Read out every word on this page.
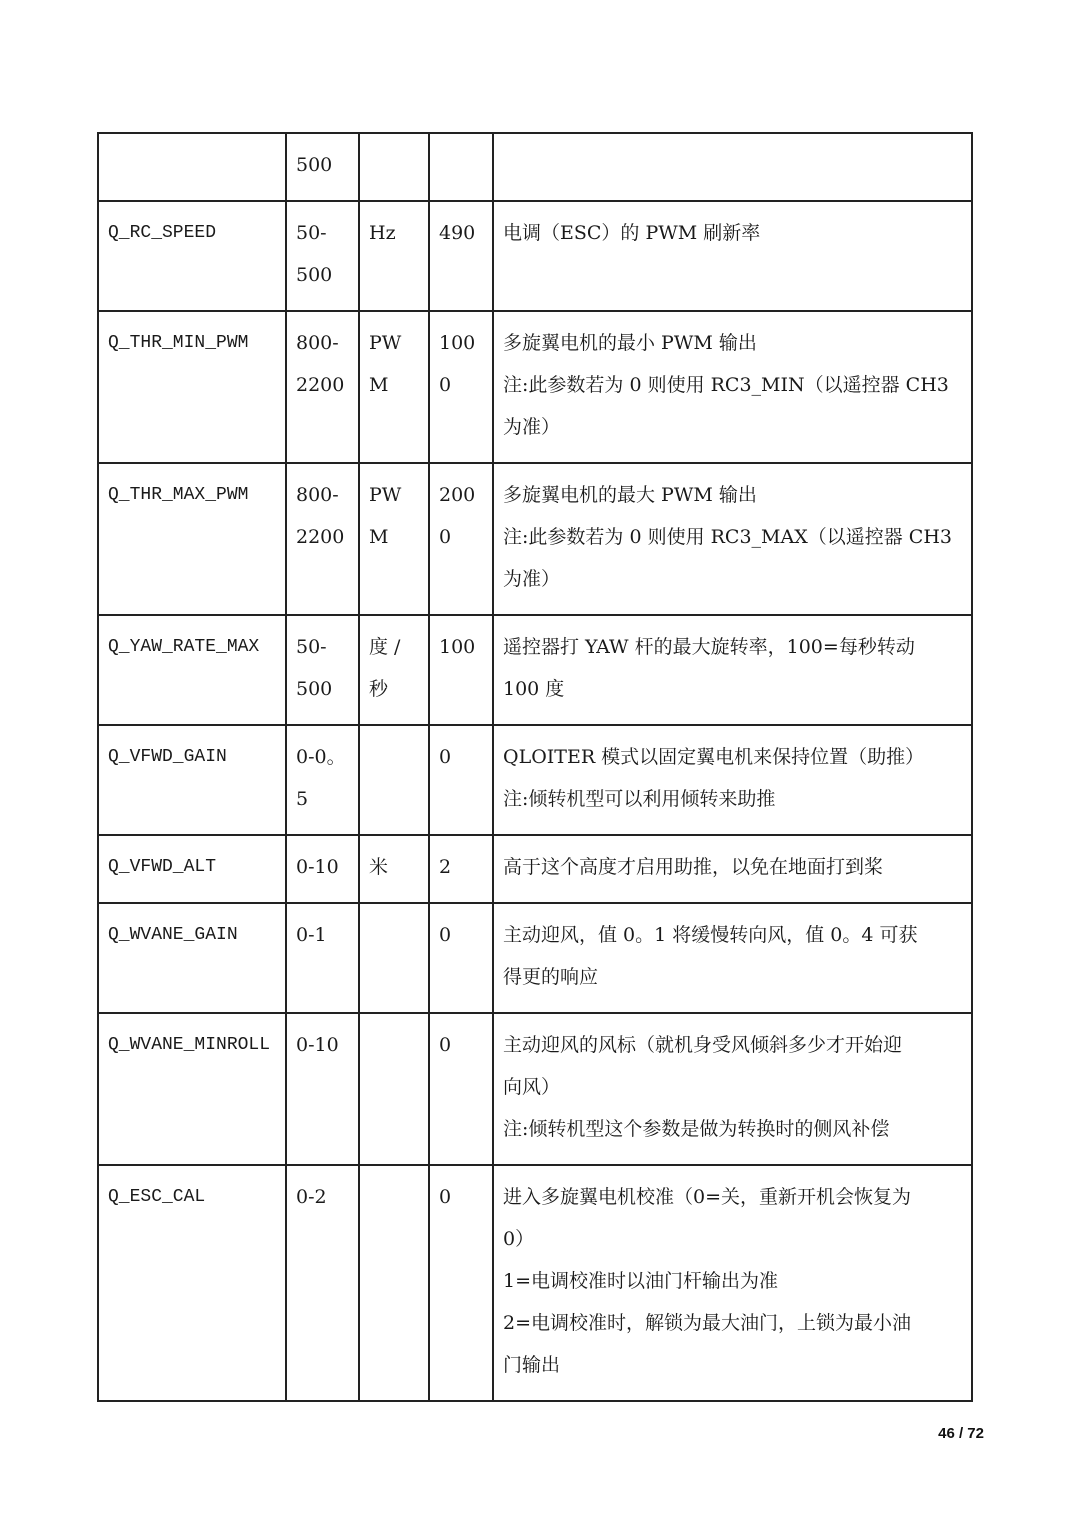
	500			

Q_RC_SPEED	50-
500	Hz	490	电调（ESC）的 PWM 刷新率

Q_THR_MIN_PWM	800-
2200	PWM	1000	多旋翼电机的最小 PWM 输出
注:此参数若为 0 则使用 RC3_MIN（以遥控器 CH3
为准）

Q_THR_MAX_PWM	800-
2200	PWM	2000	多旋翼电机的最大 PWM 输出
注:此参数若为 0 则使用 RC3_MAX（以遥控器 CH3
为准）

Q_YAW_RATE_MAX	50-
500	度 /
秒	100	遥控器打 YAW 杆的最大旋转率，100=每秒转动
100 度

Q_VFWD_GAIN	0-0。
5		0	QLOITER 模式以固定翼电机来保持位置（助推）
注:倾转机型可以利用倾转来助推

Q_VFWD_ALT	0-10	米	2	高于这个高度才启用助推，以免在地面打到桨

Q_WVANE_GAIN	0-1		0	主动迎风，值 0。1 将缓慢转向风，值 0。4 可获
得更的响应

Q_WVANE_MINROLL	0-10		0	主动迎风的风标（就机身受风倾斜多少才开始迎
向风）
注:倾转机型这个参数是做为转换时的侧风补偿

Q_ESC_CAL	0-2		0	进入多旋翼电机校准（0=关，重新开机会恢复为
0）
1=电调校准时以油门杆输出为准
2=电调校准时，解锁为最大油门，上锁为最小油
门输出
46 / 72
